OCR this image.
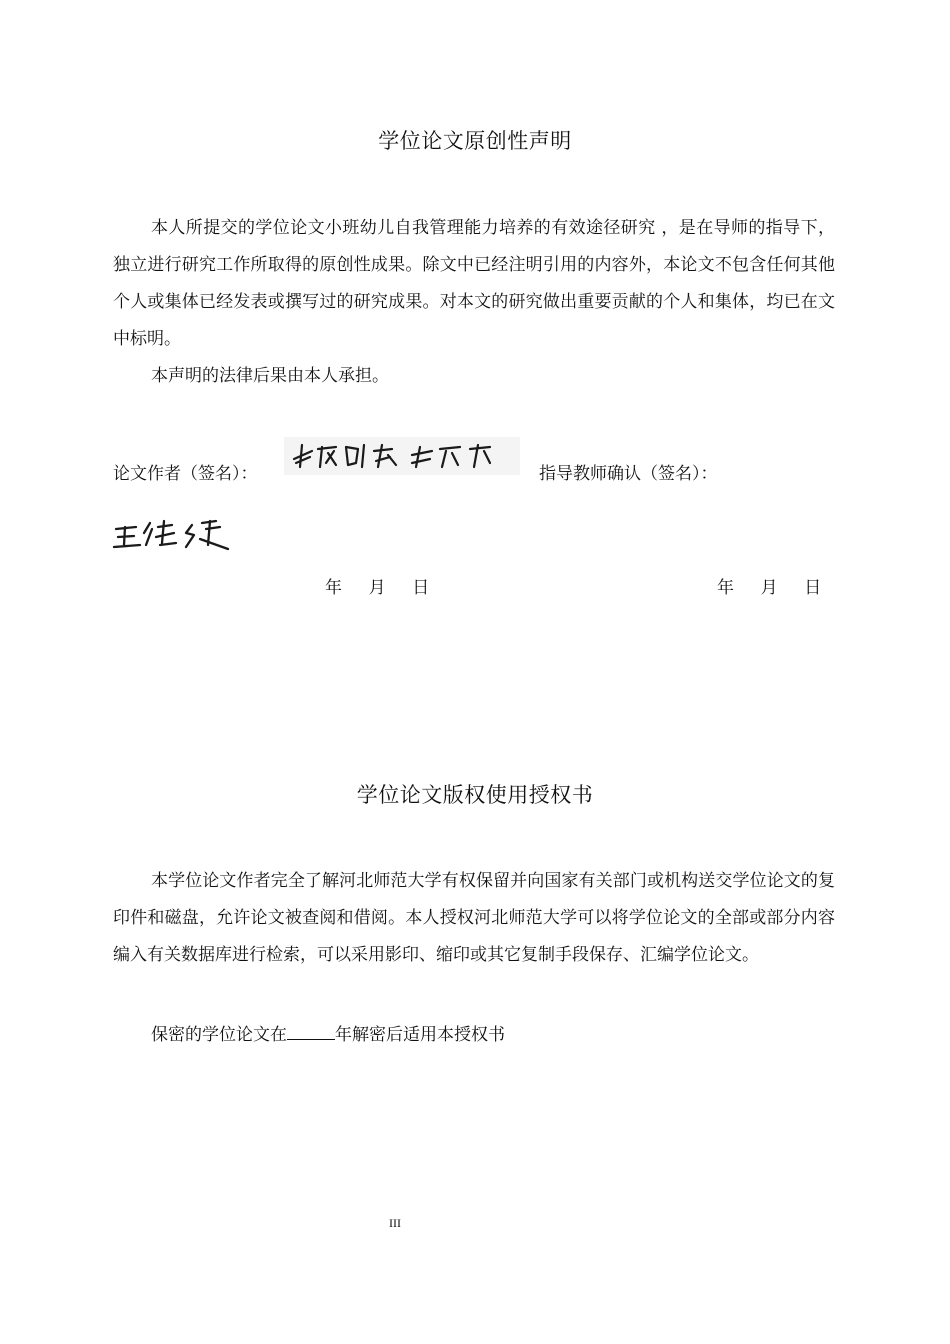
学位论文原创性声明

本人所提交的学位论文小班幼儿自我管理能力培养的有效途径研究 ，是在导师的指导下，独立进行研究工作所取得的原创性成果。除文中已经注明引用的内容外，本论文不包含任何其他个人或集体已经发表或撰写过的研究成果。对本文的研究做出重要贡献的个人和集体，均已在文中标明。

本声明的法律后果由本人承担。

论文作者（签名）：	指导教师确认（签名）：
年    月    日	年    月    日
学位论文版权使用授权书

本学位论文作者完全了解河北师范大学有权保留并向国家有关部门或机构送交学位论文的复印件和磁盘，允许论文被查阅和借阅。本人授权河北师范大学可以将学位论文的全部或部分内容编入有关数据库进行检索，可以采用影印、缩印或其它复制手段保存、汇编学位论文。

保密的学位论文在	年解密后适用本授权书
III
